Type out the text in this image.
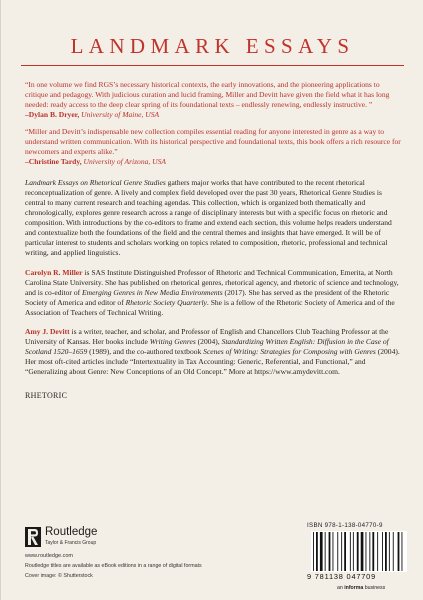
LANDMARK ESSAYS

“In one volume we find RGS’s necessary historical contexts, the early innovations, and the pioneering applications to critique and pedagogy. With judicious curation and lucid framing, Miller and Devitt have given the field what it has long needed: ready access to the deep clear spring of its foundational texts – endlessly renewing, endlessly instructive. ”
–Dylan B. Dryer, University of Maine, USA

“Miller and Devitt’s indispensable new collection compiles essential reading for anyone interested in genre as a way to understand written communication. With its historical perspective and foundational texts, this book offers a rich resource for newcomers and experts alike.”
–Christine Tardy, University of Arizona, USA

Landmark Essays on Rhetorical Genre Studies gathers major works that have contributed to the recent rhetorical reconceptualization of genre. A lively and complex field developed over the past 30 years, Rhetorical Genre Studies is central to many current research and teaching agendas. This collection, which is organized both thematically and chronologically, explores genre research across a range of disciplinary interests but with a specific focus on rhetoric and composition. With introductions by the co-editors to frame and extend each section, this volume helps readers understand and contextualize both the foundations of the field and the central themes and insights that have emerged. It will be of particular interest to students and scholars working on topics related to composition, rhetoric, professional and technical writing, and applied linguistics.

Carolyn R. Miller is SAS Institute Distinguished Professor of Rhetoric and Technical Communication, Emerita, at North Carolina State University. She has published on rhetorical genres, rhetorical agency, and rhetoric of science and technology, and is co-editor of Emerging Genres in New Media Environments (2017). She has served as the president of the Rhetoric Society of America and editor of Rhetoric Society Quarterly. She is a fellow of the Rhetoric Society of America and of the Association of Teachers of Technical Writing.

Amy J. Devitt is a writer, teacher, and scholar, and Professor of English and Chancellors Club Teaching Professor at the University of Kansas. Her books include Writing Genres (2004), Standardizing Written English: Diffusion in the Case of Scotland 1520–1659 (1989), and the co-authored textbook Scenes of Writing: Strategies for Composing with Genres (2004). Her most oft-cited articles include “Intertextuality in Tax Accounting: Generic, Referential, and Functional,” and “Generalizing about Genre: New Conceptions of an Old Concept.” More at https://www.amydevitt.com.

RHETORIC
Routledge
Taylor & Francis Group
www.routledge.com
Routledge titles are available as eBook editions in a range of digital formats
Cover image: © Shutterstock
ISBN 978-1-138-04770-9
9 781138 047709
an informa business
